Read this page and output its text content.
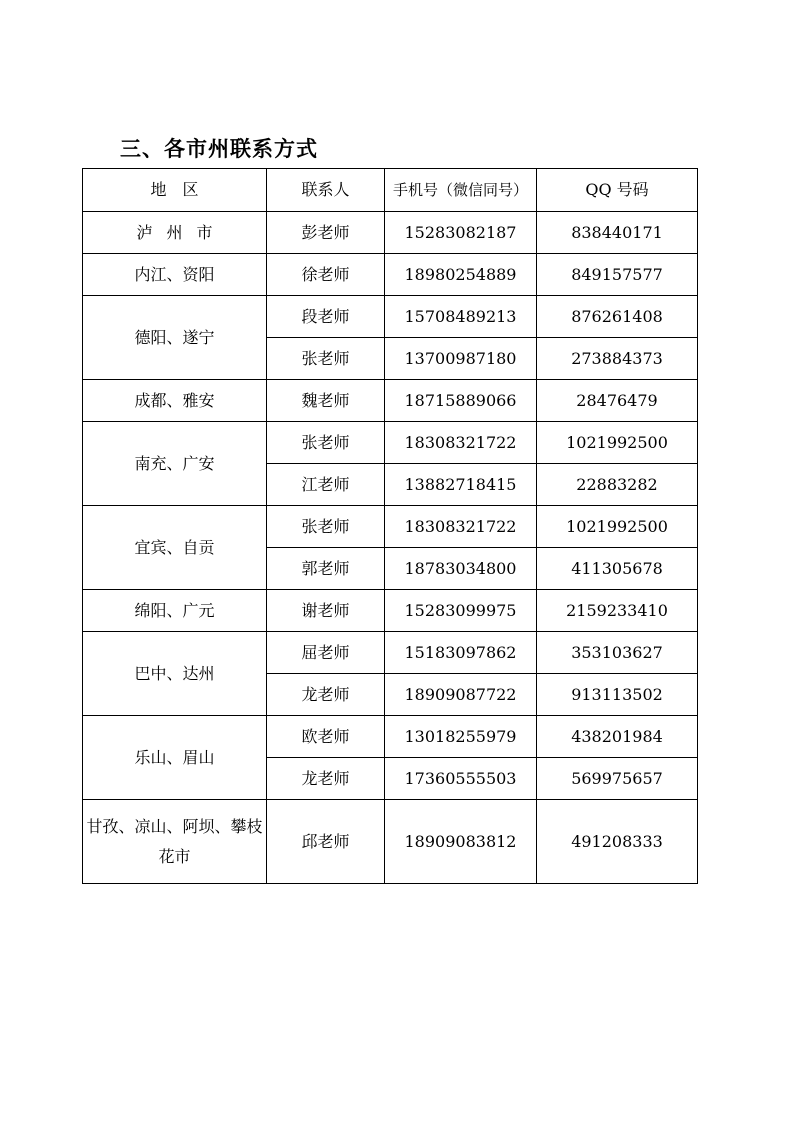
三、各市州联系方式
地　区	联系人	手机号（微信同号）	QQ 号码
泸州市	彭老师	15283082187	838440171
内江、资阳	徐老师	18980254889	849157577
德阳、遂宁	段老师	15708489213	876261408
	张老师	13700987180	273884373
成都、雅安	魏老师	18715889066	28476479
南充、广安	张老师	18308321722	1021992500
	江老师	13882718415	22883282
宜宾、自贡	张老师	18308321722	1021992500
	郭老师	18783034800	411305678
绵阳、广元	谢老师	15283099975	2159233410
巴中、达州	屈老师	15183097862	353103627
	龙老师	18909087722	913113502
乐山、眉山	欧老师	13018255979	438201984
	龙老师	17360555503	569975657
甘孜、凉山、阿坝、攀枝花市	邱老师	18909083812	491208333
